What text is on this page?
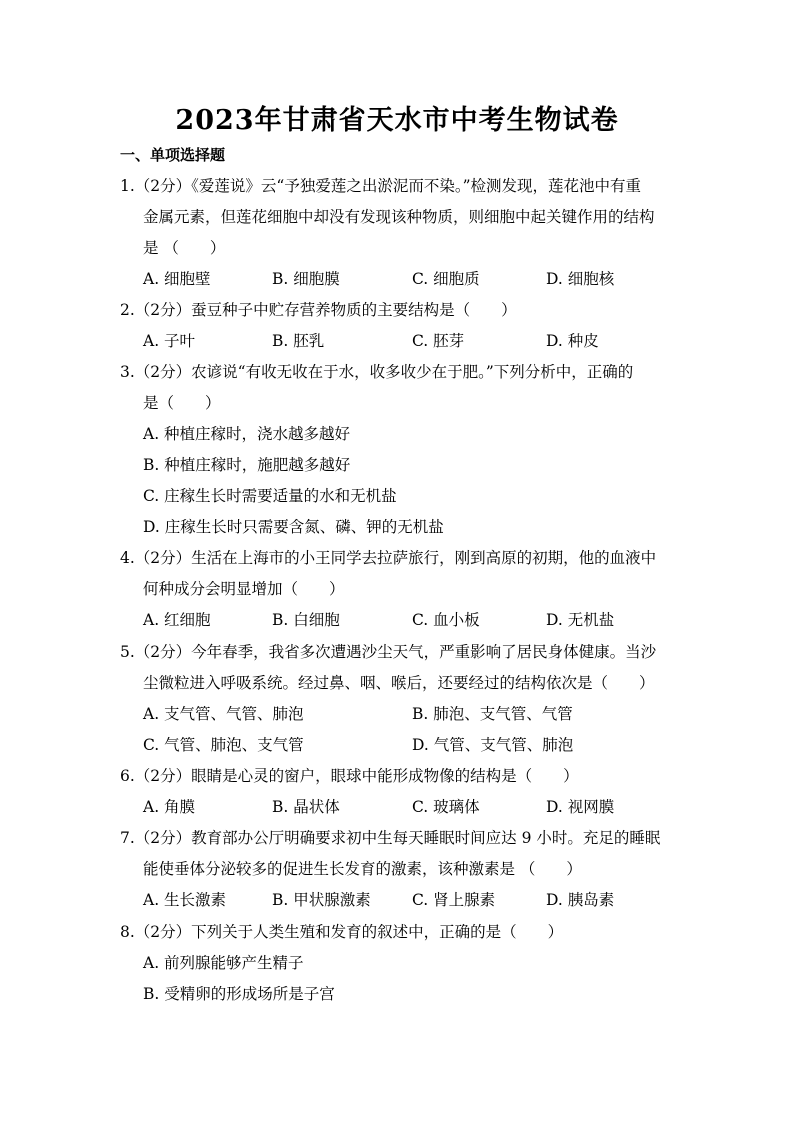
2023年甘肃省天水市中考生物试卷
一、单项选择题
1.（2分）《爱莲说》云“予独爱莲之出淤泥而不染。”检测发现，莲花池中有重
金属元素，但莲花细胞中却没有发现该种物质，则细胞中起关键作用的结构
是 （　　）
A. 细胞壁	B. 细胞膜	C. 细胞质	D. 细胞核
2.（2分）蚕豆种子中贮存营养物质的主要结构是（　　）
A. 子叶	B. 胚乳	C. 胚芽	D. 种皮
3.（2分）农谚说“有收无收在于水，收多收少在于肥。”下列分析中，正确的
是（　　）
A. 种植庄稼时，浇水越多越好
B. 种植庄稼时，施肥越多越好
C. 庄稼生长时需要适量的水和无机盐
D. 庄稼生长时只需要含氮、磷、钾的无机盐
4.（2分）生活在上海市的小王同学去拉萨旅行，刚到高原的初期，他的血液中
何种成分会明显增加（　　）
A. 红细胞	B. 白细胞	C. 血小板	D. 无机盐
5.（2分）今年春季，我省多次遭遇沙尘天气，严重影响了居民身体健康。当沙
尘微粒进入呼吸系统。经过鼻、咽、喉后，还要经过的结构依次是（　　）
A. 支气管、气管、肺泡	B. 肺泡、支气管、气管
C. 气管、肺泡、支气管	D. 气管、支气管、肺泡
6.（2分）眼睛是心灵的窗户，眼球中能形成物像的结构是（　　）
A. 角膜	B. 晶状体	C. 玻璃体	D. 视网膜
7.（2分）教育部办公厅明确要求初中生每天睡眠时间应达 9 小时。充足的睡眠
能使垂体分泌较多的促进生长发育的激素，该种激素是 （　　）
A. 生长激素	B. 甲状腺激素	C. 肾上腺素	D. 胰岛素
8.（2分）下列关于人类生殖和发育的叙述中，正确的是（　　）
A. 前列腺能够产生精子
B. 受精卵的形成场所是子宫
